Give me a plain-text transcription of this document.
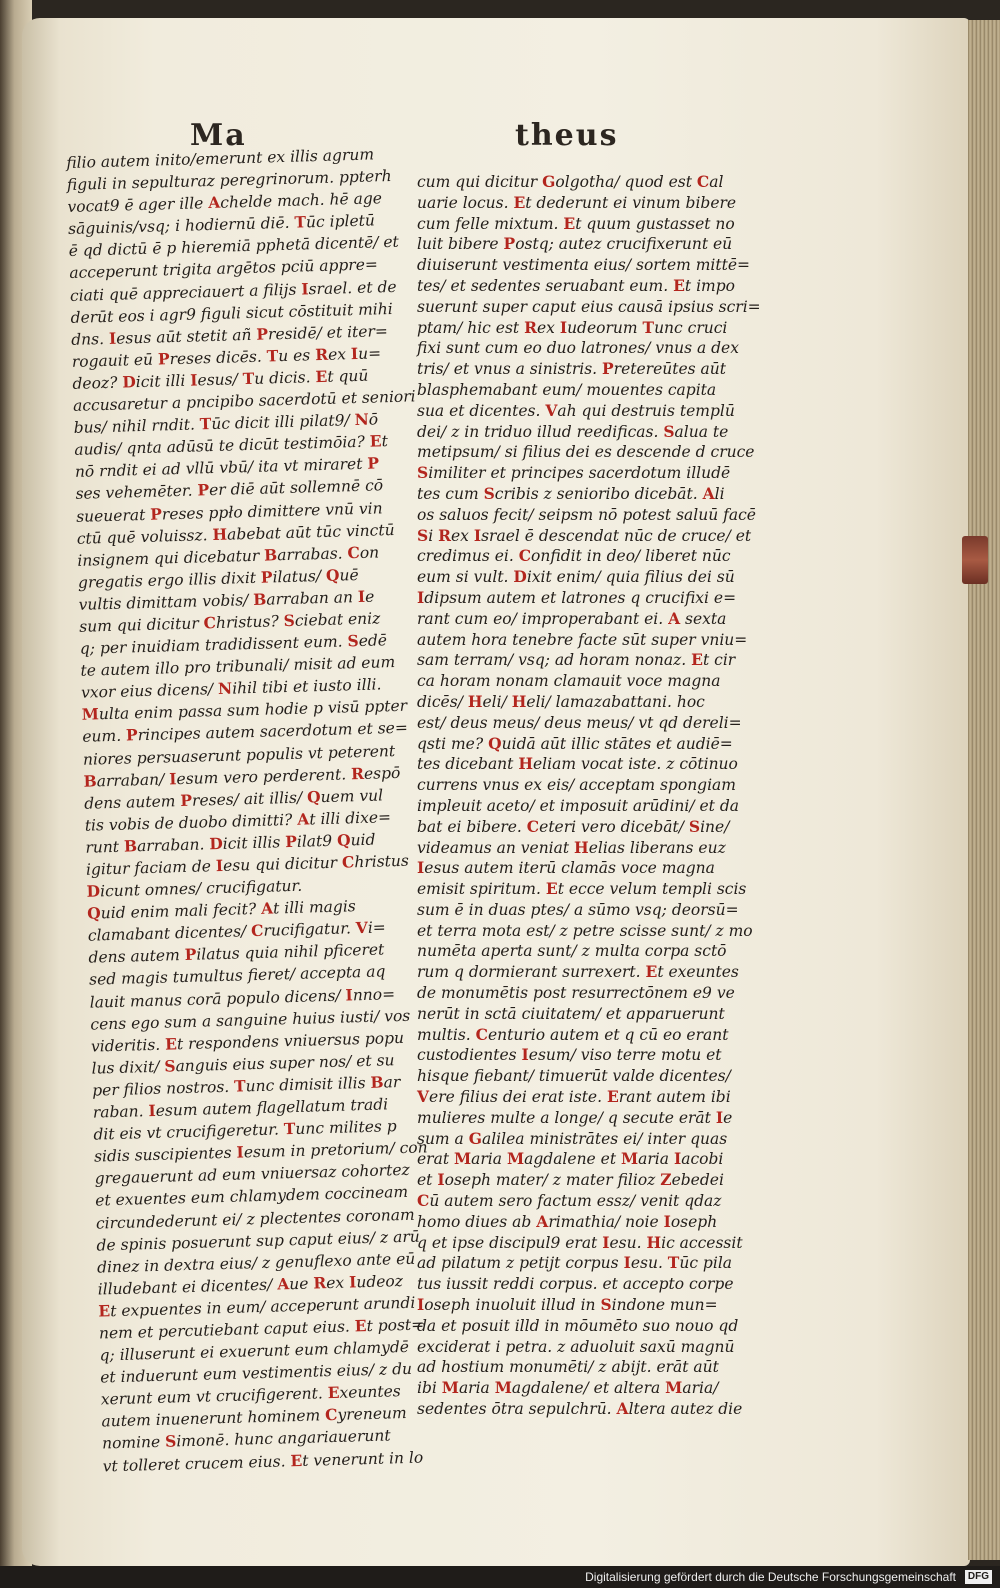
Ma	theus
filio autem inito/emerunt ex illis agrum
figuli in sepulturaz peregrinorum. ppterh
vocat9 ē ager ille Achelde mach. hē age
sāguinis/vsq; i hodiernū diē. Tūc ipletū
ē qd dictū ē p hieremiā pphetā dicentē/ et
acceperunt trigita argētos pciū appre=
ciati quē appreciauert a filijs Israel. et de
derūt eos i agr9 figuli sicut cōstituit mihi
dns. Iesus aūt stetit añ Presidē/ et iter=
rogauit eū Preses dicēs. Tu es Rex Iu=
deoz? Dicit illi Iesus/ Tu dicis. Et quū
accusaretur a pncipibo sacerdotū et seniori
bus/ nihil rndit. Tūc dicit illi pilat9/ Nō
audis/ qnta adūsū te dicūt testimōia? Et
nō rndit ei ad vllū vbū/ ita vt miraret P
ses vehemēter. Per diē aūt sollemnē cō
sueuerat Preses ppło dimittere vnū vin
ctū quē voluissz. Habebat aūt tūc vinctū
insignem qui dicebatur Barrabas. Con
gregatis ergo illis dixit Pilatus/ Quē
vultis dimittam vobis/ Barraban an Ie
sum qui dicitur Christus? Sciebat eniz
q; per inuidiam tradidissent eum. Sedē
te autem illo pro tribunali/ misit ad eum
vxor eius dicens/ Nihil tibi et iusto illi.
Multa enim passa sum hodie p visū ppter
eum. Principes autem sacerdotum et se=
niores persuaserunt populis vt peterent
Barraban/ Iesum vero perderent. Respō
dens autem Preses/ ait illis/ Quem vul
tis vobis de duobo dimitti? At illi dixe=
runt Barraban. Dicit illis Pilat9 Quid
igitur faciam de Iesu qui dicitur Christus
Dicunt omnes/ crucifigatur.
Quid enim mali fecit? At illi magis
clamabant dicentes/ Crucifigatur. Vi=
dens autem Pilatus quia nihil pficeret
sed magis tumultus fieret/ accepta aq
lauit manus corā populo dicens/ Inno=
cens ego sum a sanguine huius iusti/ vos
videritis. Et respondens vniuersus popu
lus dixit/ Sanguis eius super nos/ et su
per filios nostros. Tunc dimisit illis Bar
raban. Iesum autem flagellatum tradi
dit eis vt crucifigeretur. Tunc milites p
sidis suscipientes Iesum in pretorium/ con
gregauerunt ad eum vniuersaz cohortez
et exuentes eum chlamydem coccineam
circundederunt ei/ z plectentes coronam
de spinis posuerunt sup caput eius/ z arū
dinez in dextra eius/ z genuflexo ante eū
illudebant ei dicentes/ Aue Rex Iudeoz
Et expuentes in eum/ acceperunt arundi
nem et percutiebant caput eius. Et post=
q; illuserunt ei exuerunt eum chlamydē
et induerunt eum vestimentis eius/ z du
xerunt eum vt crucifigerent. Exeuntes
autem inuenerunt hominem Cyreneum
nomine Simonē. hunc angariauerunt
vt tolleret crucem eius. Et venerunt in lo
cum qui dicitur Golgotha/ quod est Cal
uarie locus. Et dederunt ei vinum bibere
cum felle mixtum. Et quum gustasset no
luit bibere Postq; autez crucifixerunt eū
diuiserunt vestimenta eius/ sortem mittē=
tes/ et sedentes seruabant eum. Et impo
suerunt super caput eius causā ipsius scri=
ptam/ hic est Rex Iudeorum Tunc cruci
fixi sunt cum eo duo latrones/ vnus a dex
tris/ et vnus a sinistris. Pretereūtes aūt
blasphemabant eum/ mouentes capita
sua et dicentes. Vah qui destruis templū
dei/ z in triduo illud reedificas. Salua te
metipsum/ si filius dei es descende d cruce
Similiter et principes sacerdotum illudē
tes cum Scribis z senioribo dicebāt. Ali
os saluos fecit/ seipsm nō potest saluū facē
Si Rex Israel ē descendat nūc de cruce/ et
credimus ei. Confidit in deo/ liberet nūc
eum si vult. Dixit enim/ quia filius dei sū
Idipsum autem et latrones q crucifixi e=
rant cum eo/ improperabant ei. A sexta
autem hora tenebre facte sūt super vniu=
sam terram/ vsq; ad horam nonaz. Et cir
ca horam nonam clamauit voce magna
dicēs/ Heli/ Heli/ lamazabattani. hoc
est/ deus meus/ deus meus/ vt qd dereli=
qsti me? Quidā aūt illic stātes et audiē=
tes dicebant Heliam vocat iste. z cōtinuo
currens vnus ex eis/ acceptam spongiam
impleuit aceto/ et imposuit arūdini/ et da
bat ei bibere. Ceteri vero dicebāt/ Sine/
videamus an veniat Helias liberans euz
Iesus autem iterū clamās voce magna
emisit spiritum. Et ecce velum templi scis
sum ē in duas ptes/ a sūmo vsq; deorsū=
et terra mota est/ z petre scisse sunt/ z mo
numēta aperta sunt/ z multa corpa sctō
rum q dormierant surrexert. Et exeuntes
de monumētis post resurrectōnem e9 ve
nerūt in sctā ciuitatem/ et apparuerunt
multis. Centurio autem et q cū eo erant
custodientes Iesum/ viso terre motu et
hisque fiebant/ timuerūt valde dicentes/
Vere filius dei erat iste. Erant autem ibi
mulieres multe a longe/ q secute erāt Ie
sum a Galilea ministrātes ei/ inter quas
erat Maria Magdalene et Maria Iacobi
et Ioseph mater/ z mater filioz Zebedei
Cū autem sero factum essz/ venit qdaz
homo diues ab Arimathia/ noie Ioseph
q et ipse discipul9 erat Iesu. Hic accessit
ad pilatum z petijt corpus Iesu. Tūc pila
tus iussit reddi corpus. et accepto corpe
Ioseph inuoluit illud in Sindone mun=
da et posuit illd in mōumēto suo nouo qd
exciderat i petra. z aduoluit saxū magnū
ad hostium monumēti/ z abijt. erāt aūt
ibi Maria Magdalene/ et altera Maria/
sedentes ōtra sepulchrū. Altera autez die
Digitalisierung gefördert durch die Deutsche Forschungsgemeinschaft	DFG
